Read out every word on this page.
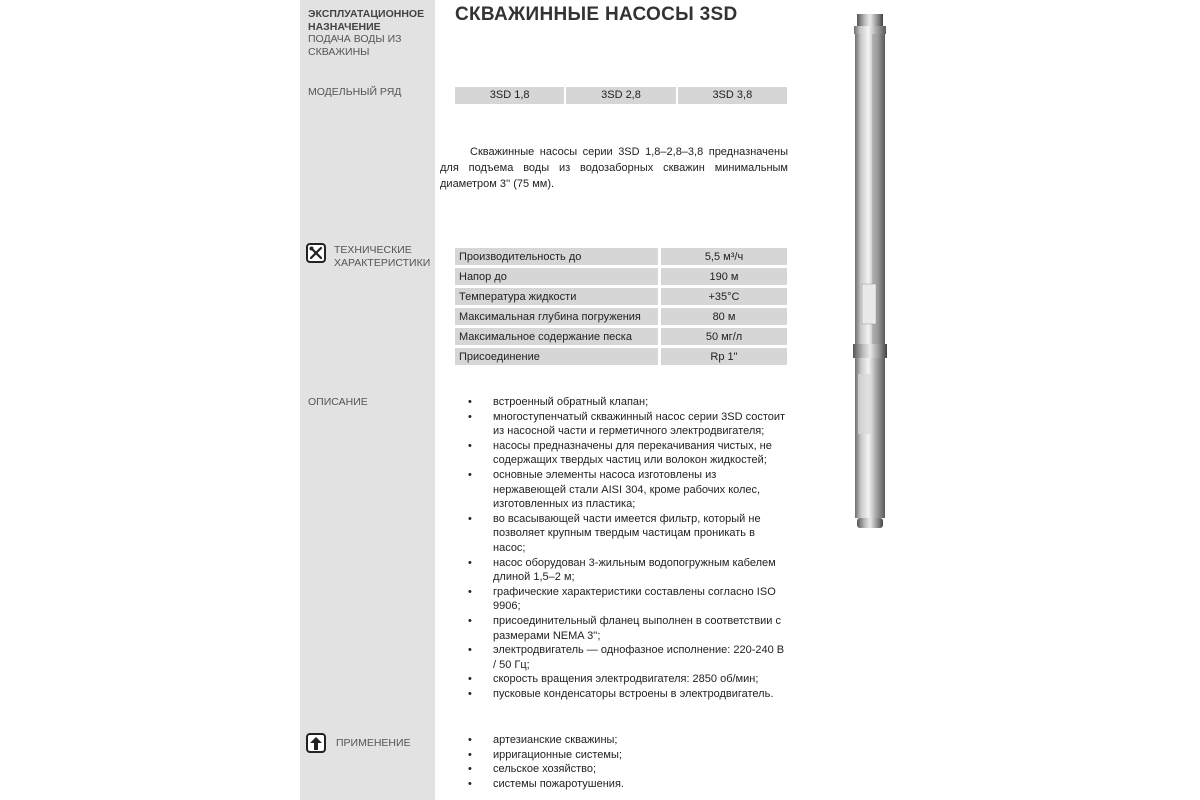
ЭКСПЛУАТАЦИОННОЕ
НАЗНАЧЕНИЕ
ПОДАЧА ВОДЫ ИЗ
СКВАЖИНЫ
МОДЕЛЬНЫЙ РЯД
ТЕХНИЧЕСКИЕ
ХАРАКТЕРИСТИКИ
ОПИСАНИЕ
ПРИМЕНЕНИЕ
СКВАЖИННЫЕ НАСОСЫ 3SD
3SD 1,8	3SD 2,8	3SD 3,8

Скважинные насосы серии 3SD 1,8–2,8–3,8 предназначены для подъема воды из водозаборных скважин минимальным диаметром 3'' (75 мм).

Производительность до	5,5 м³/ч
Напор до	190 м
Температура жидкости	+35°С
Максимальная глубина погружения	80 м
Максимальное содержание песка	50 мг/л
Присоединение	Rp 1"
• встроенный обратный клапан;
• многоступенчатый скважинный насос серии 3SD состоит из насосной части и герметичного электродвигателя;
• насосы предназначены для перекачивания чистых, не содержащих твердых частиц или волокон жидкостей;
• основные элементы насоса изготовлены из нержавеющей стали AISI 304, кроме рабочих колес, изготовленных из пластика;
• во всасывающей части имеется фильтр, который не позволяет крупным твердым частицам проникать в насос;
• насос оборудован 3-жильным водопогружным кабелем длиной 1,5–2 м;
• графические характеристики составлены согласно ISO 9906;
• присоединительный фланец выполнен в соответствии с размерами NEMA 3'';
• электродвигатель — однофазное исполнение: 220-240 В / 50 Гц;
• скорость вращения электродвигателя: 2850 об/мин;
• пусковые конденсаторы встроены в электродвигатель.
• артезианские скважины;
• ирригационные системы;
• сельское хозяйство;
• системы пожаротушения.
